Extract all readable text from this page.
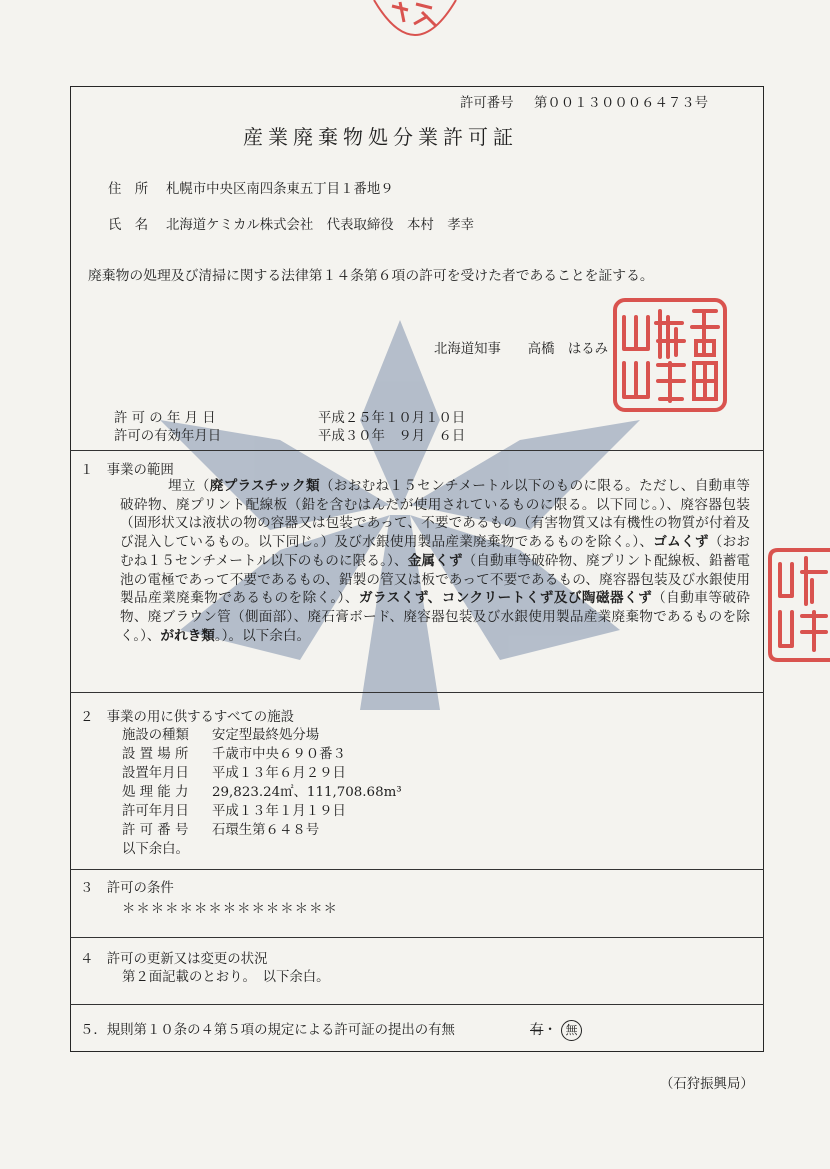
許可番号 第００１３０００６４７３号
産業廃棄物処分業許可証
住　所 札幌市中央区南四条東五丁目１番地９
氏　名 北海道ケミカル株式会社　代表取締役　本村　孝幸
廃棄物の処理及び清掃に関する法律第１４条第６項の許可を受けた者であることを証する。
北海道知事　　高橋　はるみ
許 可 の 年 月 日	平成２５年１０月１０日
許可の有効年月日	平成３０年　９月　６日
１　事業の範囲
埋立（廃プラスチック類（おおむね１５センチメートル以下のものに限る。ただし、自動車等破砕物、廃プリント配線板（鉛を含むはんだが使用されているものに限る。以下同じ。）、廃容器包装（固形状又は液状の物の容器又は包装であって、不要であるもの（有害物質又は有機性の物質が付着及び混入しているもの。以下同じ。）及び水銀使用製品産業廃棄物であるものを除く。）、ゴムくず（おおむね１５センチメートル以下のものに限る。）、金属くず（自動車等破砕物、廃プリント配線板、鉛蓄電池の電極であって不要であるもの、鉛製の管又は板であって不要であるもの、廃容器包装及び水銀使用製品産業廃棄物であるものを除く。）、ガラスくず、コンクリートくず及び陶磁器くず（自動車等破砕物、廃ブラウン管（側面部）、廃石膏ボード、廃容器包装及び水銀使用製品産業廃棄物であるものを除く。）、がれき類。）。以下余白。
２　事業の用に供するすべての施設
施設の種類 安定型最終処分場
設 置 場 所 千歳市中央６９０番３
設置年月日 平成１３年６月２９日
処 理 能 力 29,823.24㎡、111,708.68m³
許可年月日 平成１３年１月１９日
許 可 番 号 石環生第６４８号
以下余白。
３　許可の条件
＊＊＊＊＊＊＊＊＊＊＊＊＊＊＊
４　許可の更新又は変更の状況
第２面記載のとおり。　以下余白。
５．規則第１０条の４第５項の規定による許可証の提出の有無	有・ 無
（石狩振興局）
